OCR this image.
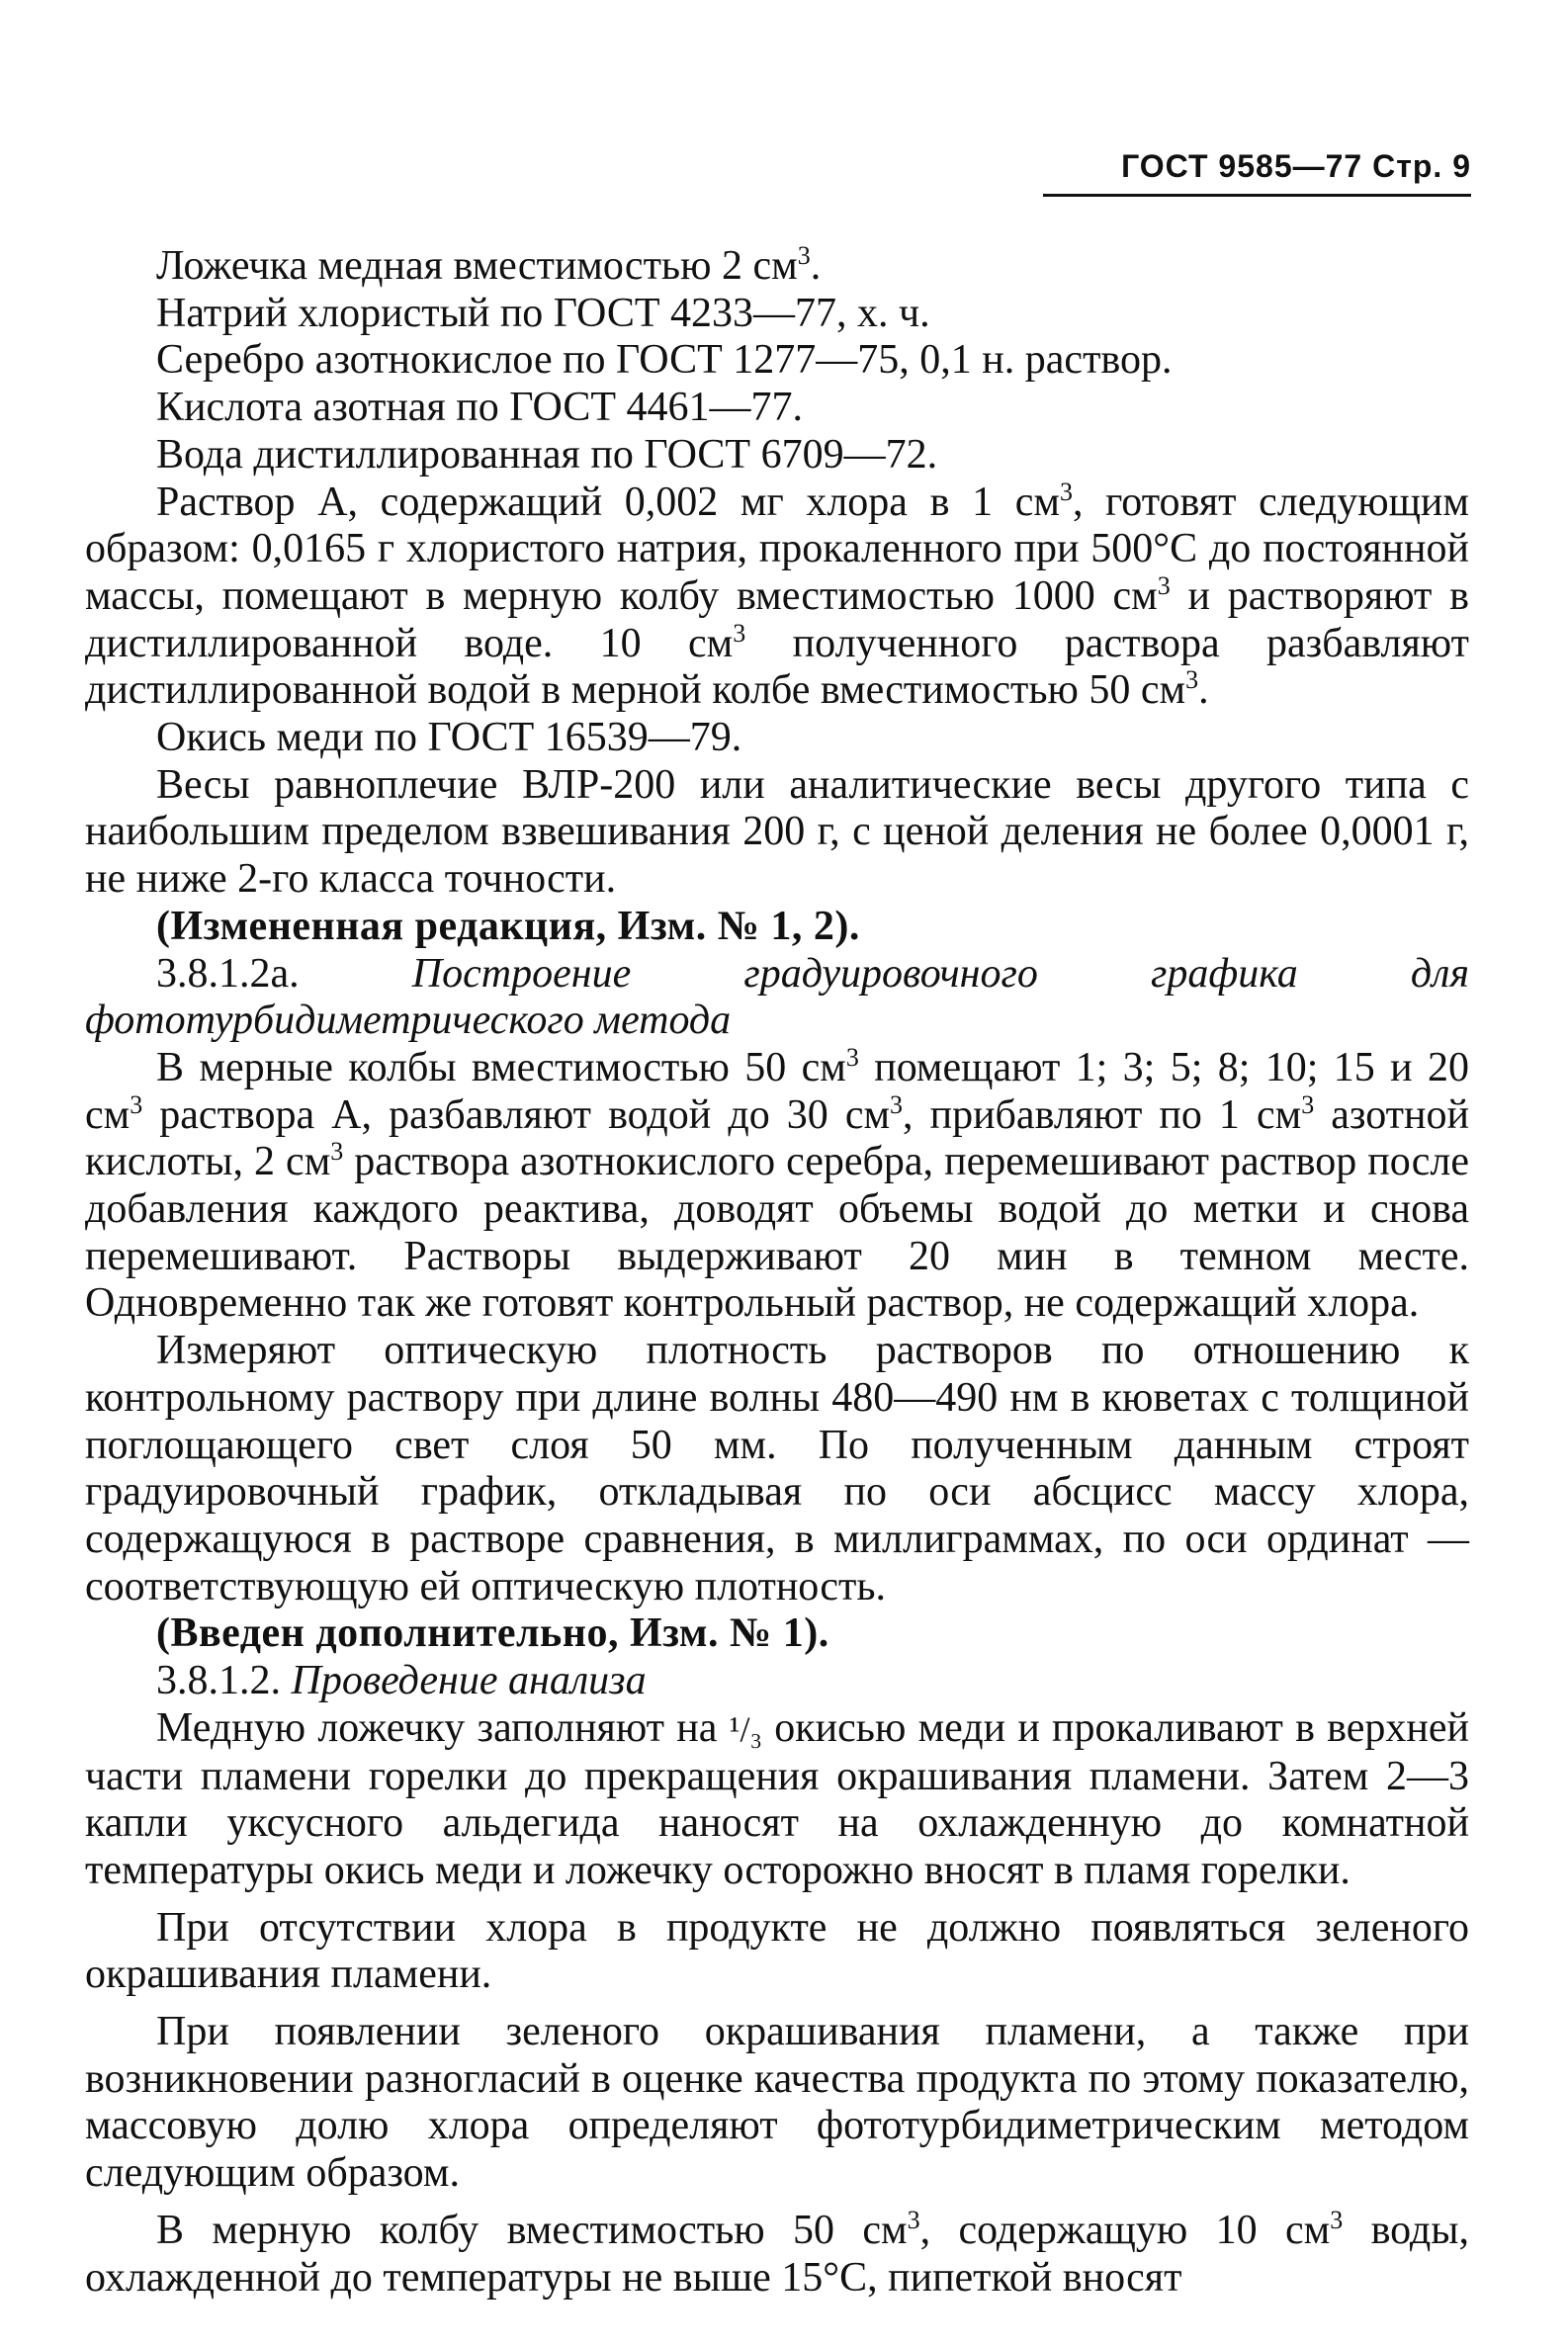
ГОСТ 9585—77 Стр. 9

Ложечка медная вместимостью 2 $см^3$.

Натрий хлористый по ГОСТ 4233—77, х. ч.

Серебро азотнокислое по ГОСТ 1277—75, 0,1 н. раствор.

Кислота азотная по ГОСТ 4461—77.

Вода дистиллированная по ГОСТ 6709—72.

Раствор А, содержащий 0,002 мг хлора в 1 $см^3$, готовят следующим образом: 0,0165 г хлористого натрия, прокаленного при 500°С до постоянной массы, помещают в мерную колбу вместимостью 1000 $см^3$ и растворяют в дистиллированной воде. 10 $см^3$ полученного раствора разбавляют дистиллированной водой в мерной колбе вместимостью 50 $см^3$.

Окись меди по ГОСТ 16539—79.

Весы равноплечие ВЛР-200 или аналитические весы другого типа с наибольшим пределом взвешивания 200 г, с ценой деления не более 0,0001 г, не ниже 2-го класса точности.

(Измененная редакция, Изм. № 1, 2).

3.8.1.2а.	Построение градуировочного графика для фототурбидиметрического метода

В мерные колбы вместимостью 50 $см^3$ помещают 1; 3; 5; 8; 10; 15 и 20 $см^3$ раствора А, разбавляют водой до 30 $см^3$, прибавляют по 1 $см^3$ азотной кислоты, 2 $см^3$ раствора азотнокислого серебра, перемешивают раствор после добавления каждого реактива, доводят объемы водой до метки и снова перемешивают. Растворы выдерживают 20 мин в темном месте. Одновременно так же готовят контрольный раствор, не содержащий хлора.

Измеряют оптическую плотность растворов по отношению к контрольному раствору при длине волны 480—490 нм в кюветах с толщиной поглощающего свет слоя 50 мм. По полученным данным строят градуировочный график, откладывая по оси абсцисс массу хлора, содержащуюся в растворе сравнения, в миллиграммах, по оси ординат — соответствующую ей оптическую плотность.

(Введен дополнительно, Изм. № 1).

3.8.1.2. Проведение анализа

Медную ложечку заполняют на ¹/₃ окисью меди и прокаливают в верхней части пламени горелки до прекращения окрашивания пламени. Затем 2—3 капли уксусного альдегида наносят на охлажденную до комнатной температуры окись меди и ложечку осторожно вносят в пламя горелки.

При отсутствии хлора в продукте не должно появляться зеленого окрашивания пламени.

При появлении зеленого окрашивания пламени, а также при возникновении разногласий в оценке качества продукта по этому показателю, массовую долю хлора определяют фототурбидиметрическим методом следующим образом.

В мерную колбу вместимостью 50 $см^3$, содержащую 10 $см^3$ воды, охлажденной до температуры не выше 15°С, пипеткой вносят
